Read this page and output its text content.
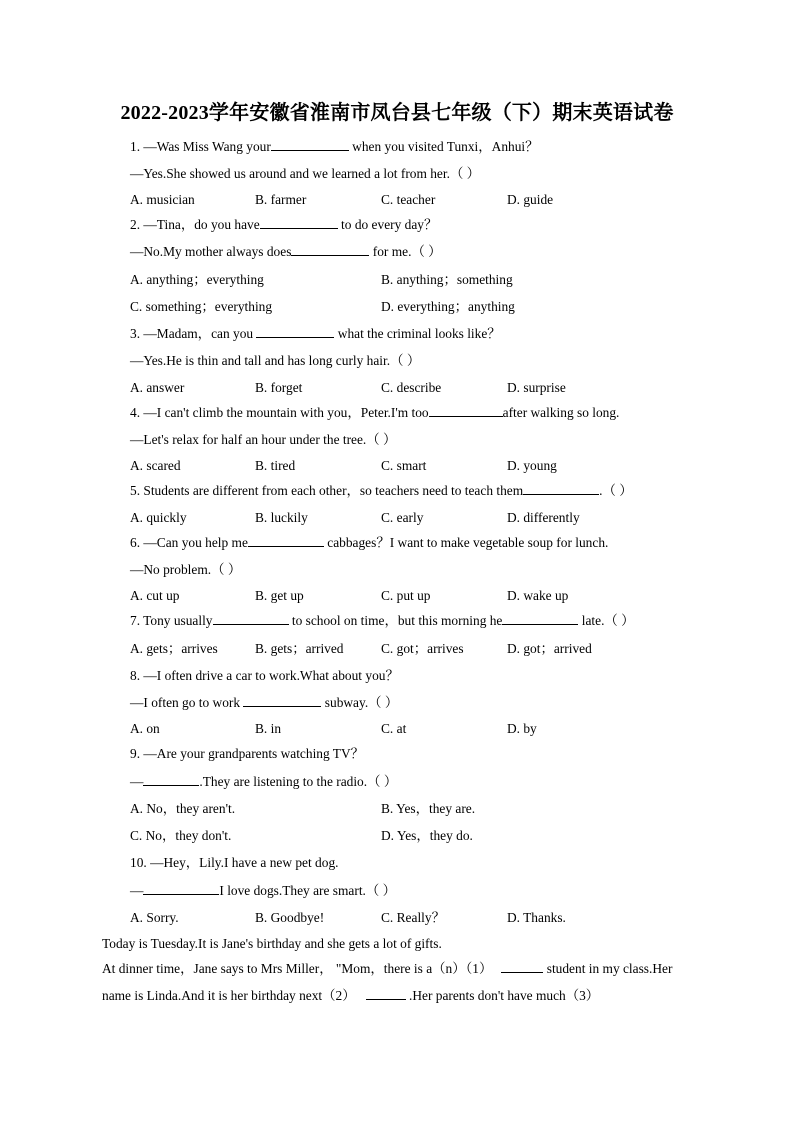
2022-2023学年安徽省淮南市凤台县七年级（下）期末英语试卷
1. —Was Miss Wang your	when you visited Tunxi，Anhui？
—Yes.She showed us around and we learned a lot from her.（ ）
A. musician	B. farmer	C. teacher	D. guide
2. —Tina，do you have	to do every day？
—No.My mother always does	for me.（ ）
A. anything；everything	B. anything；something
C. something；everything	D. everything；anything
3. —Madam，can you	what the criminal looks like？
—Yes.He is thin and tall and has long curly hair.（ ）
A. answer	B. forget	C. describe	D. surprise
4. —I can't climb the mountain with you，Peter.I'm too	after walking so long.
—Let's relax for half an hour under the tree.（ ）
A. scared	B. tired	C. smart	D. young
5. Students are different from each other，so teachers need to teach them	.（ ）
A. quickly	B. luckily	C. early	D. differently
6. —Can you help me	cabbages？I want to make vegetable soup for lunch.
—No problem.（ ）
A. cut up	B. get up	C. put up	D. wake up
7. Tony usually	to school on time，but this morning he	late.（ ）
A. gets；arrives	B. gets；arrived	C. got；arrives	D. got；arrived
8. —I often drive a car to work.What about you？
—I often go to work	subway.（ ）
A. on	B. in	C. at	D. by
9. —Are your grandparents watching TV？
—	.They are listening to the radio.（ ）
A. No，they aren't.	B. Yes，they are.
C. No，they don't.	D. Yes，they do.
10. —Hey，Lily.I have a new pet dog.
—	I love dogs.They are smart.（ ）
A. Sorry.	B. Goodbye!	C. Really？	D. Thanks.
Today is Tuesday.It is Jane's birthday and she gets a lot of gifts.
At dinner time，Jane says to Mrs Miller， "Mom，there is a（n）（1）	student in my class.Her
name is Linda.And it is her birthday next（2）	.Her parents don't have much（3）
